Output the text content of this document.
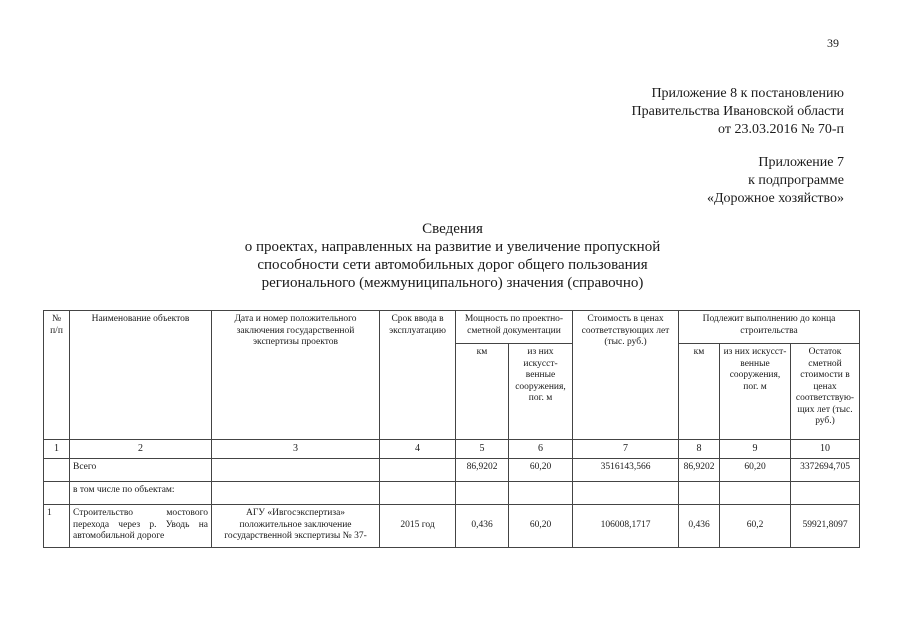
39
Приложение 8 к постановлению
Правительства Ивановской области
от 23.03.2016 № 70-п
Приложение 7
к подпрограмме
«Дорожное хозяйство»
Сведения
о проектах, направленных на развитие и увеличение пропускной
способности сети автомобильных дорог общего пользования
регионального (межмуниципального) значения (справочно)
№ п/п	Наименование объектов	Дата и номер положительного заключения государственной экспертизы проектов	Срок ввода в эксплуатацию	Мощность по проектно-сметной документации		Стоимость в ценах соответствующих лет (тыс. руб.)	Подлежит выполнению до конца строительства		
				км	из них искусст-венные сооружения, пог. м		км	из них искусст-венные сооружения, пог. м	Остаток сметной стоимости в ценах соответствую-щих лет (тыс. руб.)
1	2	3	4	5	6	7	8	9	10
	Всего			86,9202	60,20	3516143,566	86,9202	60,20	3372694,705
	в том числе по объектам:								
1	Строительство мостового перехода через р. Уводь на автомобильной дороге	АГУ «Ивгосэкспертиза» положительное заключение государственной экспертизы № 37-	2015 год	0,436	60,20	106008,1717	0,436	60,2	59921,8097
